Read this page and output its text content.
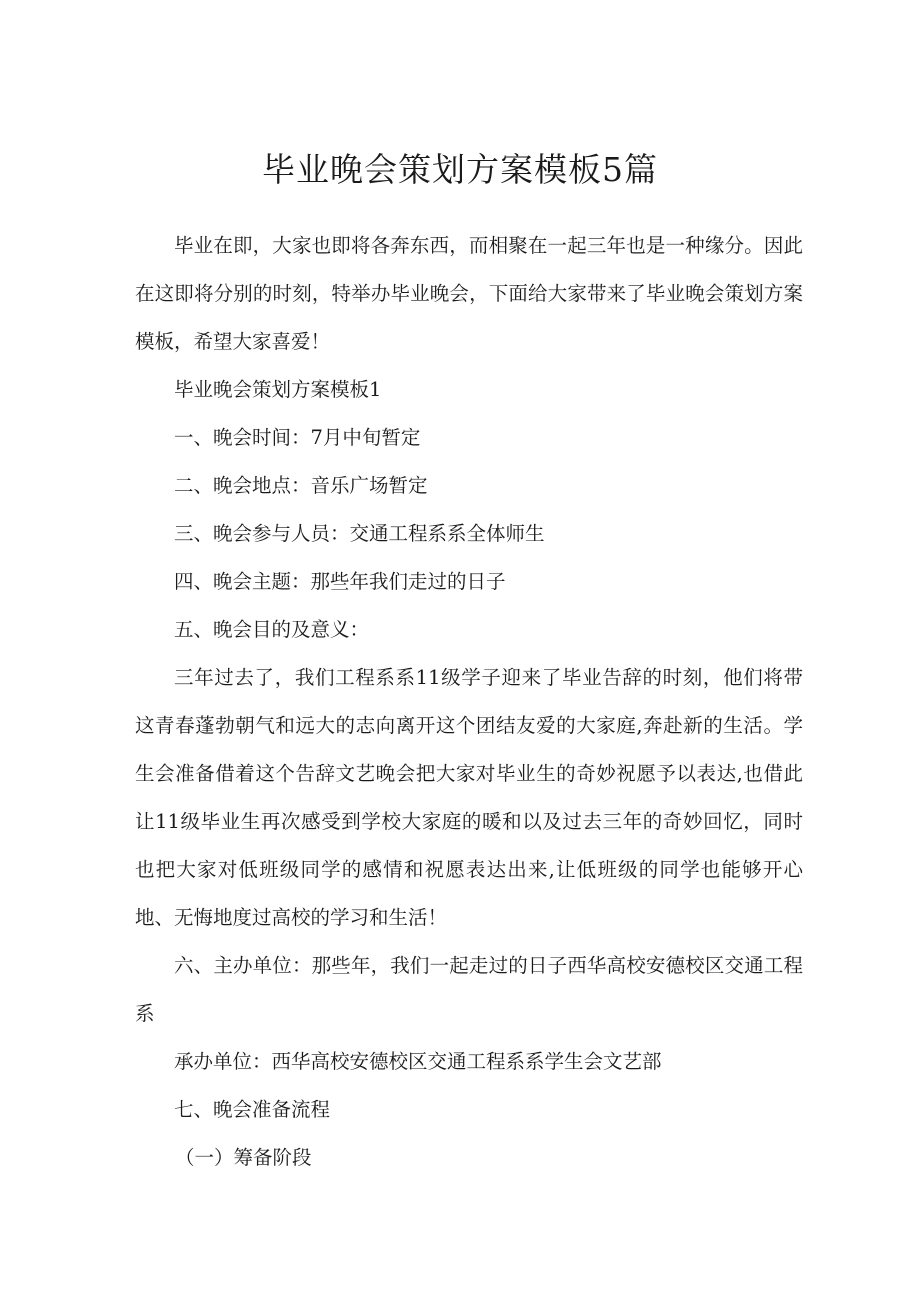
毕业晚会策划方案模板5篇

毕业在即，大家也即将各奔东西，而相聚在一起三年也是一种缘分。因此在这即将分别的时刻，特举办毕业晚会，下面给大家带来了毕业晚会策划方案模板，希望大家喜爱！

毕业晚会策划方案模板1

一、晚会时间：7月中旬暂定

二、晚会地点：音乐广场暂定

三、晚会参与人员：交通工程系系全体师生

四、晚会主题：那些年我们走过的日子

五、晚会目的及意义：

三年过去了，我们工程系系11级学子迎来了毕业告辞的时刻，他们将带这青春蓬勃朝气和远大的志向离开这个团结友爱的大家庭,奔赴新的生活。学生会准备借着这个告辞文艺晚会把大家对毕业生的奇妙祝愿予以表达,也借此让11级毕业生再次感受到学校大家庭的暖和以及过去三年的奇妙回忆，同时也把大家对低班级同学的感情和祝愿表达出来,让低班级的同学也能够开心地、无悔地度过高校的学习和生活！

六、主办单位：那些年，我们一起走过的日子西华高校安德校区交通工程系

承办单位：西华高校安德校区交通工程系系学生会文艺部

七、晚会准备流程

（一）筹备阶段
